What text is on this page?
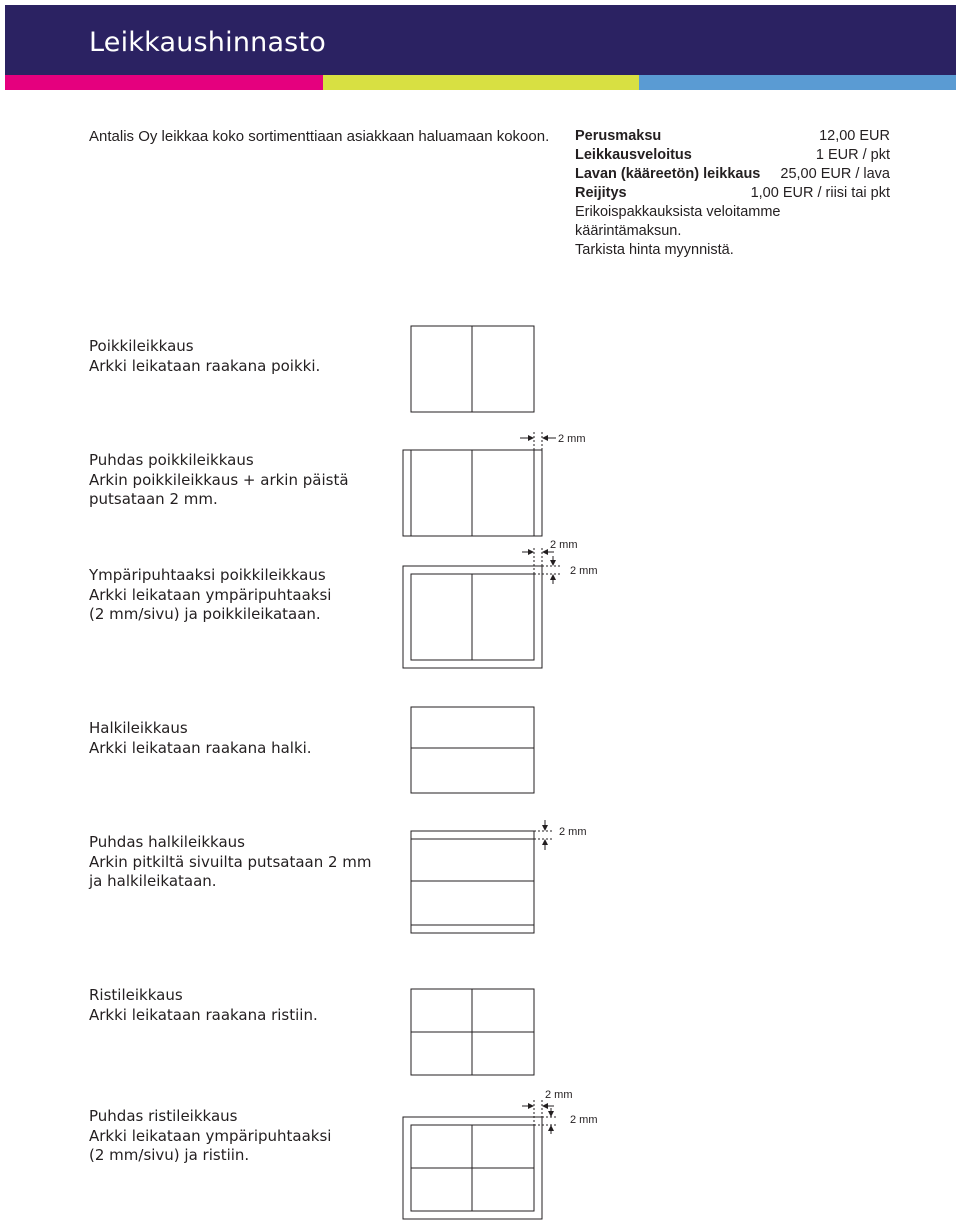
Leikkaushinnasto
Antalis Oy leikkaa koko sortimenttiaan asiakkaan haluamaan kokoon. Perusmaksu	12,00 EUR
Leikkausveloitus	1 EUR / pkt
Lavan (kääreetön) leikkaus 25,00 EUR / lava
Reijitys	1,00 EUR / riisi tai pkt
Erikoispakkauksista veloitamme käärintämaksun.
Tarkista hinta myynnistä.
Poikkileikkaus
Arkki leikataan raakana poikki.
Puhdas poikkileikkaus
Arkin poikkileikkaus + arkin päistä
putsataan 2 mm.
Ympäripuhtaaksi poikkileikkaus
Arkki leikataan ympäripuhtaaksi
(2 mm/sivu) ja poikkileikataan.
Halkileikkaus
Arkki leikataan raakana halki.
Puhdas halkileikkaus
Arkin pitkiltä sivuilta putsataan 2 mm
ja halkileikataan.
Ristileikkaus
Arkki leikataan raakana ristiin.
Puhdas ristileikkaus
Arkki leikataan ympäripuhtaaksi
(2 mm/sivu) ja ristiin.
2 mm
2 mm
2 mm
2 mm
2 mm
2 mm
